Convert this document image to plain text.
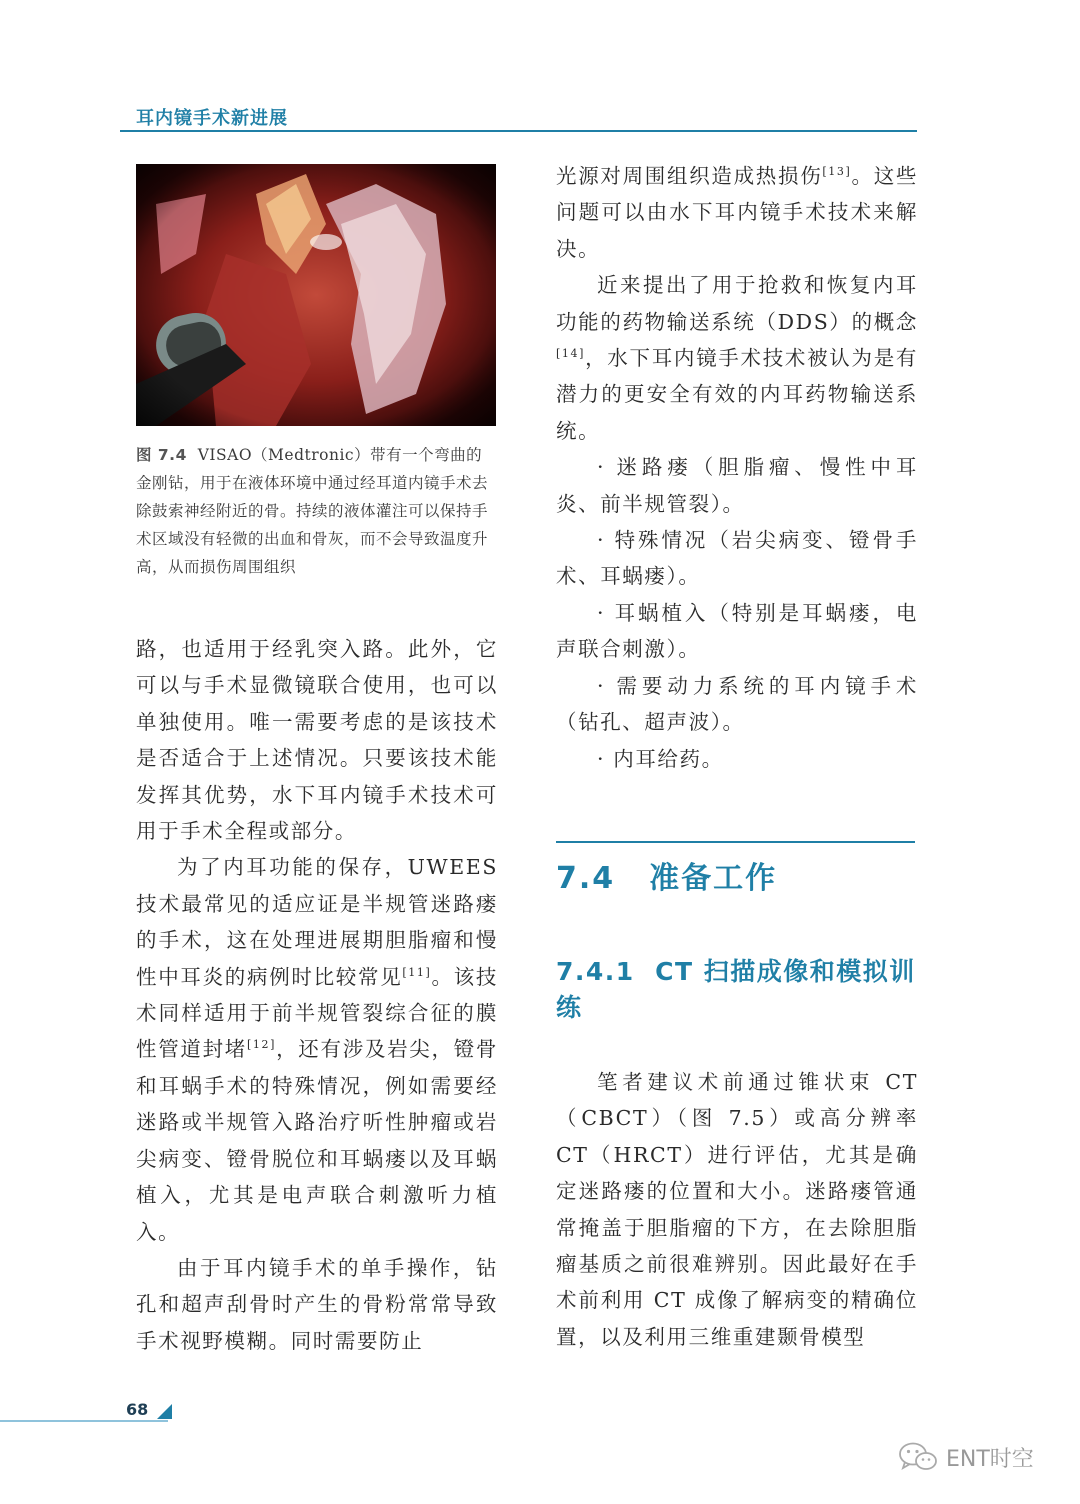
耳内镜手术新进展
图 7.4 VISAO（Medtronic）带有一个弯曲的金刚钻，用于在液体环境中通过经耳道内镜手术去除鼓索神经附近的骨。持续的液体灌注可以保持手术区域没有轻微的出血和骨灰，而不会导致温度升高，从而损伤周围组织

路，也适用于经乳突入路。此外，它可以与手术显微镜联合使用，也可以单独使用。唯一需要考虑的是该技术是否适合于上述情况。只要该技术能发挥其优势，水下耳内镜手术技术可用于手术全程或部分。

为了内耳功能的保存，UWEES 技术最常见的适应证是半规管迷路瘘的手术，这在处理进展期胆脂瘤和慢性中耳炎的病例时比较常见[11]。该技术同样适用于前半规管裂综合征的膜性管道封堵[12]，还有涉及岩尖，镫骨和耳蜗手术的特殊情况，例如需要经迷路或半规管入路治疗听性肿瘤或岩尖病变、镫骨脱位和耳蜗瘘以及耳蜗植入，尤其是电声联合刺激听力植入。

由于耳内镜手术的单手操作，钻孔和超声刮骨时产生的骨粉常常导致手术视野模糊。同时需要防止

光源对周围组织造成热损伤[13]。这些问题可以由水下耳内镜手术技术来解决。

近来提出了用于抢救和恢复内耳功能的药物输送系统（DDS）的概念[14]，水下耳内镜手术技术被认为是有潜力的更安全有效的内耳药物输送系统。

· 迷路瘘（胆脂瘤、慢性中耳炎、前半规管裂）。

· 特殊情况（岩尖病变、镫骨手术、耳蜗瘘）。

· 耳蜗植入（特别是耳蜗瘘，电声联合刺激）。

· 需要动力系统的耳内镜手术（钻孔、超声波）。

· 内耳给药。

7.4 准备工作
7.4.1 CT 扫描成像和模拟训练

笔者建议术前通过锥状束 CT（CBCT）（图 7.5）或高分辨率 CT（HRCT）进行评估，尤其是确定迷路瘘的位置和大小。迷路瘘管通常掩盖于胆脂瘤的下方，在去除胆脂瘤基质之前很难辨别。因此最好在手术前利用 CT 成像了解病变的精确位置，以及利用三维重建颞骨模型

68
ENT时空
